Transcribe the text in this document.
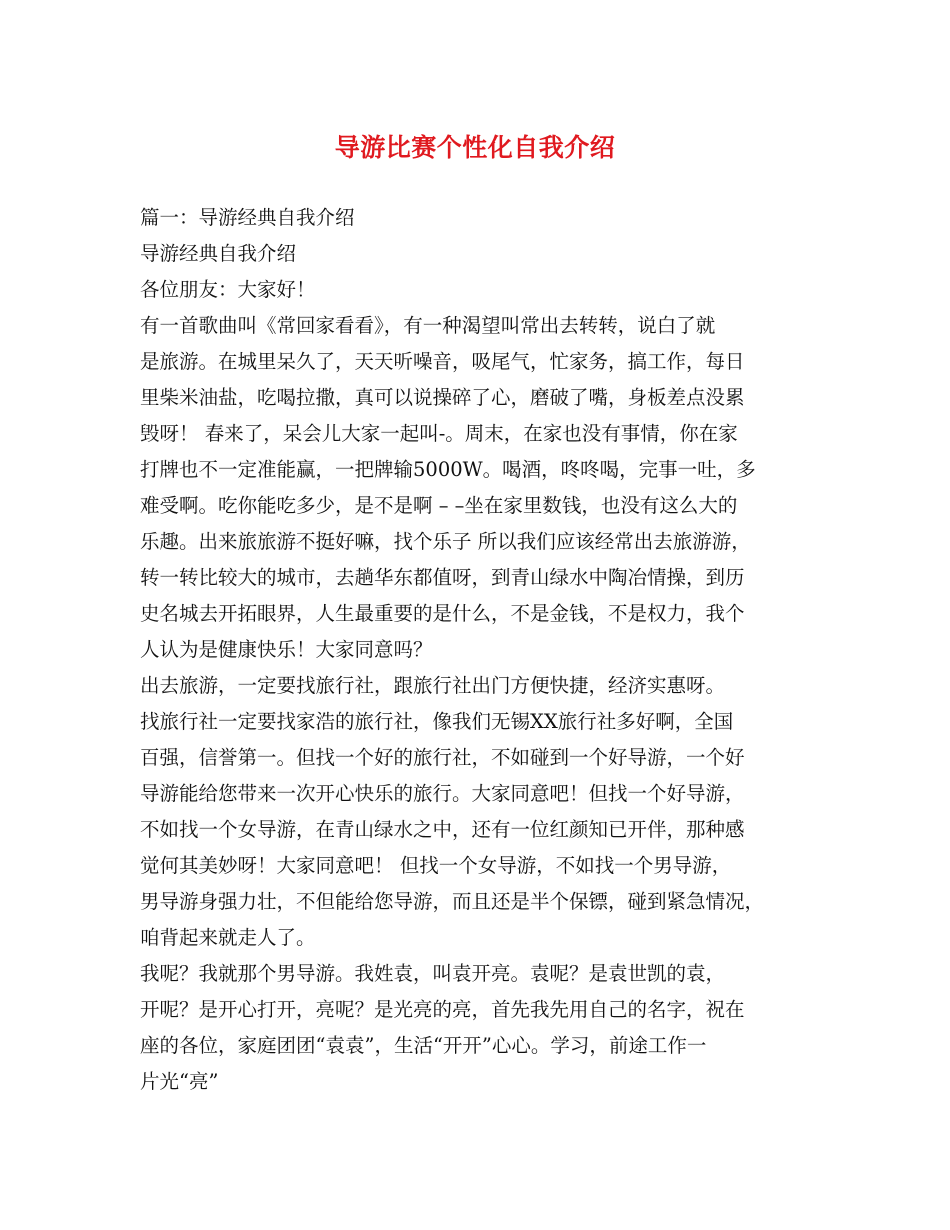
导游比赛个性化自我介绍
篇一：导游经典自我介绍
导游经典自我介绍
各位朋友：大家好！
有一首歌曲叫《常回家看看》，有一种渴望叫常出去转转，说白了就
是旅游。在城里呆久了，天天听噪音，吸尾气，忙家务，搞工作，每日
里柴米油盐，吃喝拉撒，真可以说操碎了心，磨破了嘴，身板差点没累
毁呀！ 春来了，呆会儿大家一起叫-。周末，在家也没有事情，你在家
打牌也不一定准能赢，一把牌输5000W。喝酒，咚咚喝，完事一吐，多
难受啊。吃你能吃多少，是不是啊 – –坐在家里数钱，也没有这么大的
乐趣。出来旅旅游不挺好嘛，找个乐子 所以我们应该经常出去旅游游，
转一转比较大的城市，去趟华东都值呀，到青山绿水中陶冶情操，到历
史名城去开拓眼界，人生最重要的是什么，不是金钱，不是权力，我个
人认为是健康快乐！大家同意吗？
出去旅游，一定要找旅行社，跟旅行社出门方便快捷，经济实惠呀。
找旅行社一定要找家浩的旅行社，像我们无锡XX旅行社多好啊，全国
百强，信誉第一。但找一个好的旅行社，不如碰到一个好导游，一个好
导游能给您带来一次开心快乐的旅行。大家同意吧！但找一个好导游，
不如找一个女导游，在青山绿水之中，还有一位红颜知已开伴，那种感
觉何其美妙呀！大家同意吧！ 但找一个女导游，不如找一个男导游，
男导游身强力壮，不但能给您导游，而且还是半个保镖，碰到紧急情况，
咱背起来就走人了。
我呢？我就那个男导游。我姓袁，叫袁开亮。袁呢？是袁世凯的袁，
开呢？是开心打开，亮呢？是光亮的亮，首先我先用自己的名字，祝在
座的各位，家庭团团“袁袁”，生活“开开”心心。学习，前途工作一
片光“亮”
